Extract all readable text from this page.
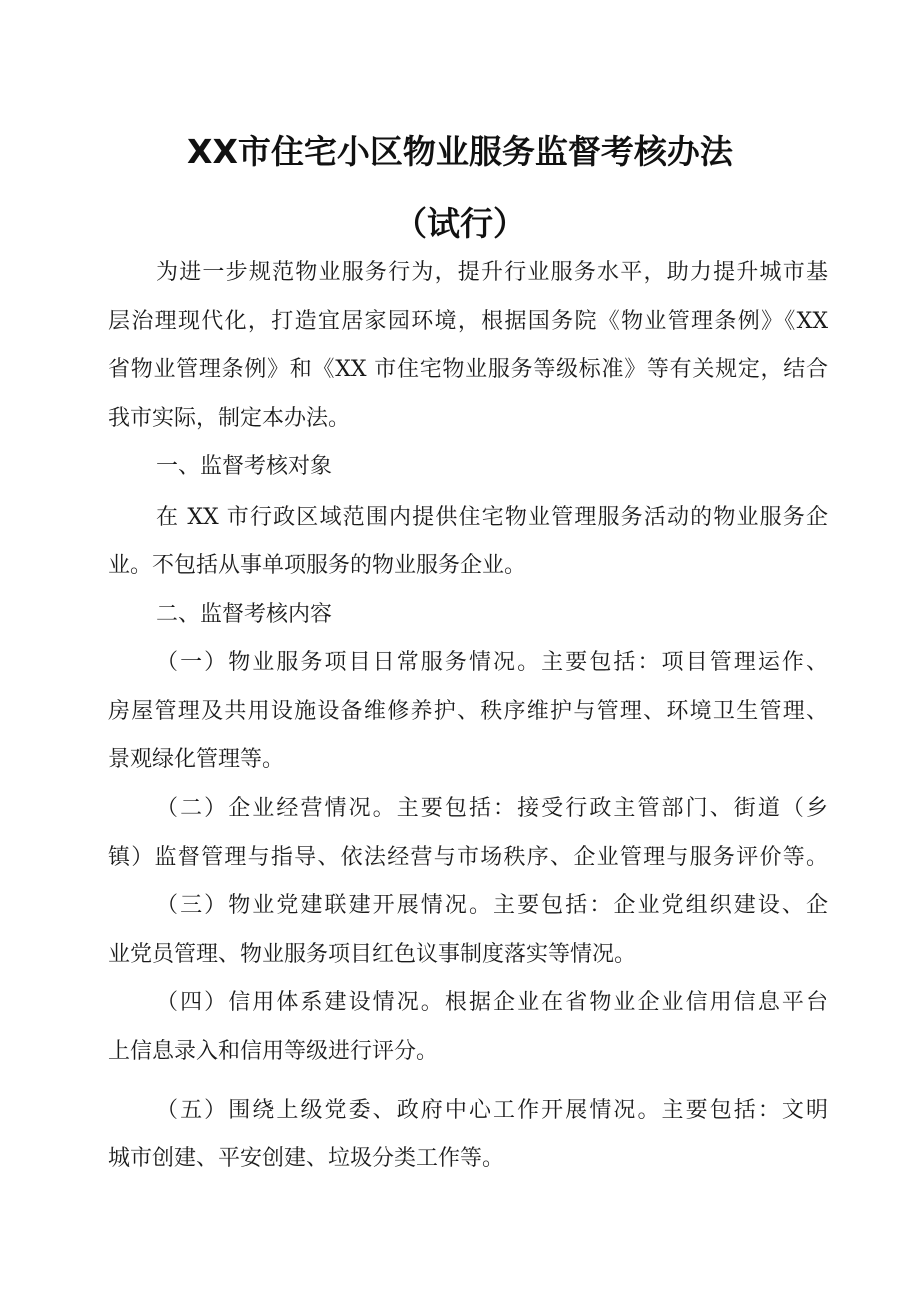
XX市住宅小区物业服务监督考核办法
（试行）
为进一步规范物业服务行为，提升行业服务水平，助力提升城市基
层治理现代化，打造宜居家园环境，根据国务院《物业管理条例》《XX
省物业管理条例》和《XX 市住宅物业服务等级标准》等有关规定，结合
我市实际，制定本办法。
一、监督考核对象
在 XX 市行政区域范围内提供住宅物业管理服务活动的物业服务企
业。不包括从事单项服务的物业服务企业。
二、监督考核内容
（一）物业服务项目日常服务情况。主要包括：项目管理运作、
房屋管理及共用设施设备维修养护、秩序维护与管理、环境卫生管理、
景观绿化管理等。
（二）企业经营情况。主要包括：接受行政主管部门、街道（乡
镇）监督管理与指导、依法经营与市场秩序、企业管理与服务评价等。
（三）物业党建联建开展情况。主要包括：企业党组织建设、企
业党员管理、物业服务项目红色议事制度落实等情况。
（四）信用体系建设情况。根据企业在省物业企业信用信息平台
上信息录入和信用等级进行评分。
（五）围绕上级党委、政府中心工作开展情况。主要包括：文明
城市创建、平安创建、垃圾分类工作等。
